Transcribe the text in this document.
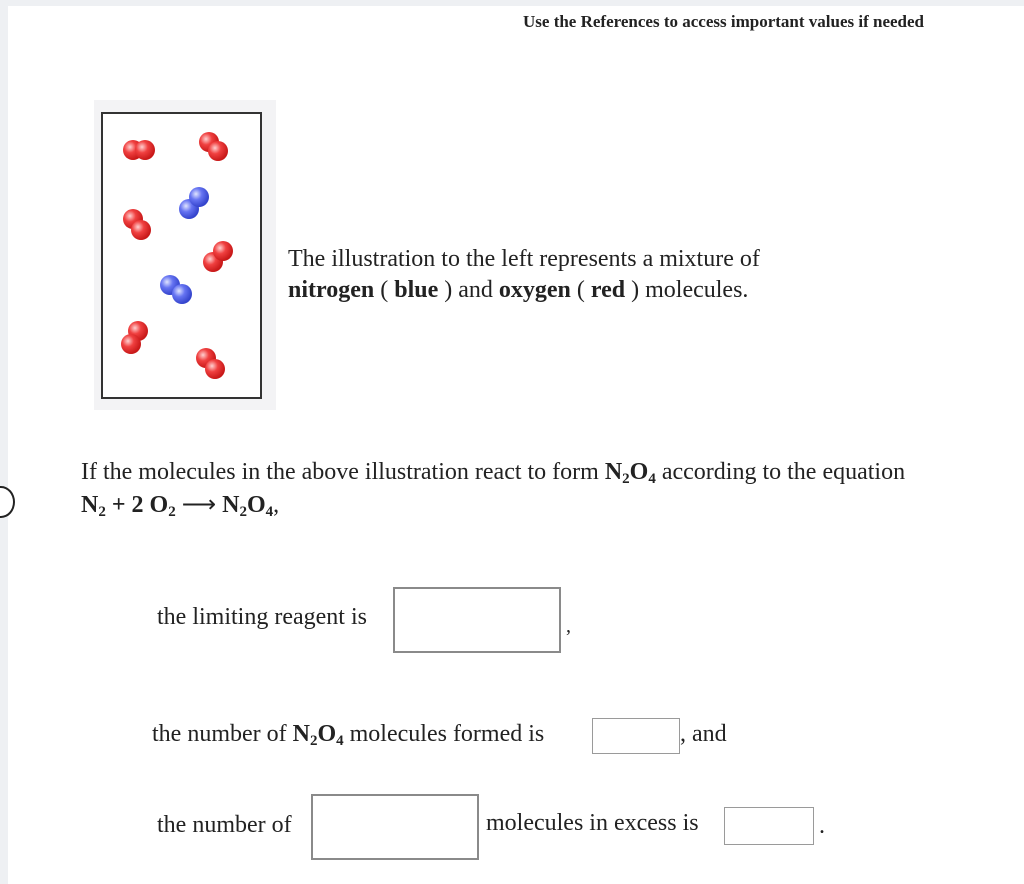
Use the References to access important values if needed
The illustration to the left represents a mixture of
nitrogen ( blue ) and oxygen ( red ) molecules.
If the molecules in the above illustration react to form $N_2O_4$ according to the equation
$N_2 + 2$ $O_2$ ⟶ $N_2O_4$,
the limiting reagent is	,
the number of $N_2O_4$ molecules formed is	, and
the number of	molecules in excess is	.
